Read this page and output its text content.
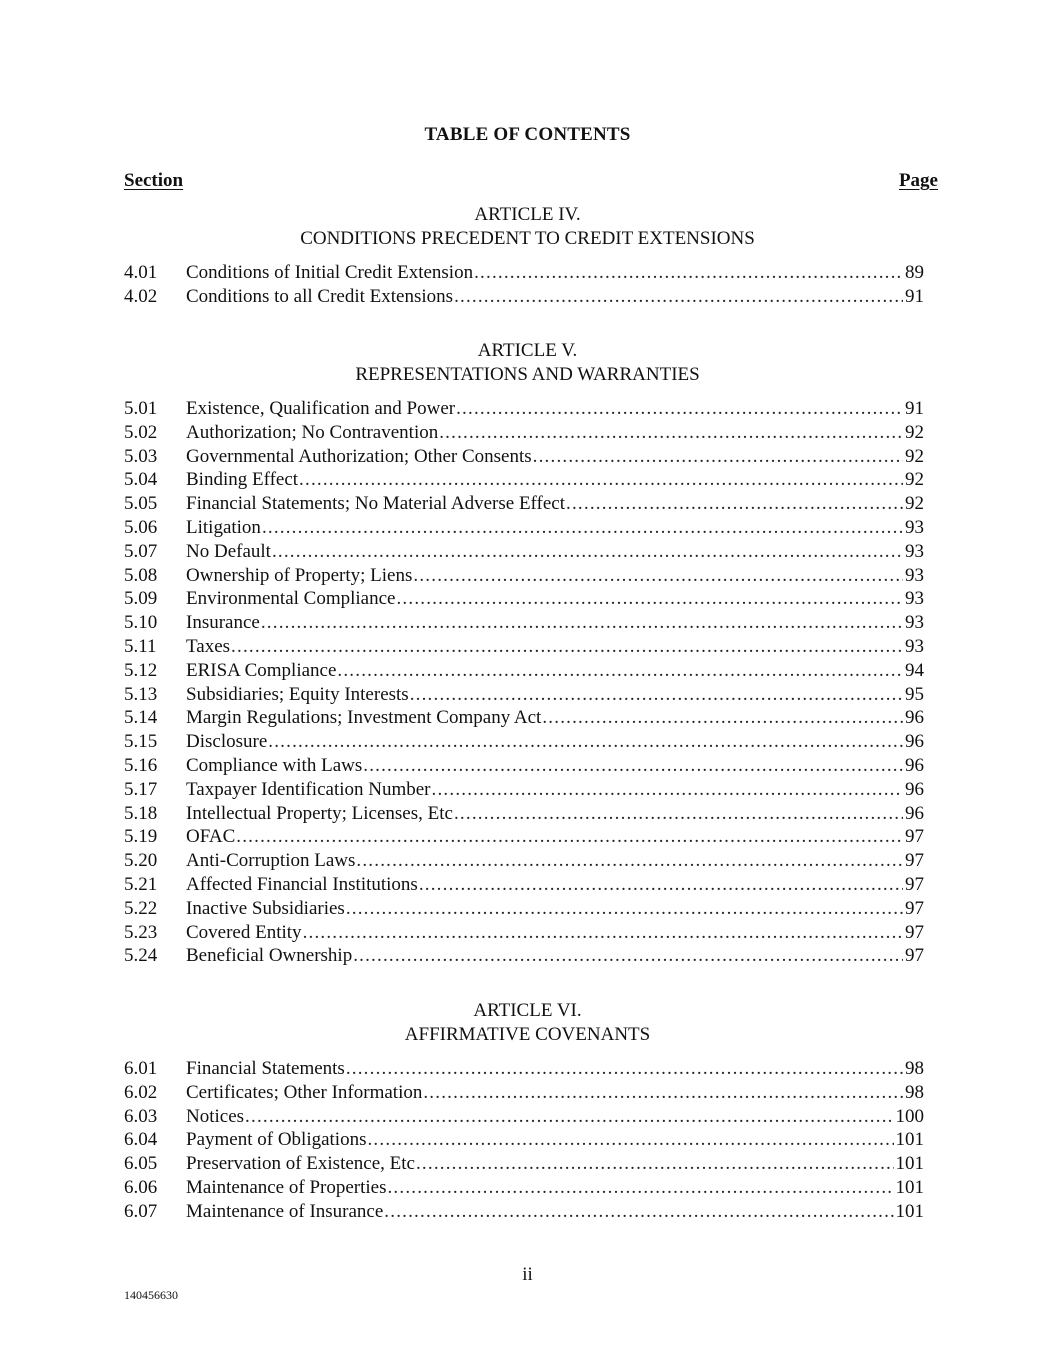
TABLE OF CONTENTS
Section	Page
ARTICLE IV.
CONDITIONS PRECEDENT TO CREDIT EXTENSIONS
4.01	Conditions of Initial Credit Extension .....	89
4.02	Conditions to all Credit Extensions .....	91
ARTICLE V.
REPRESENTATIONS AND WARRANTIES
5.01	Existence, Qualification and Power .....	91
5.02	Authorization; No Contravention .....	92
5.03	Governmental Authorization; Other Consents .....	92
5.04	Binding Effect .....	92
5.05	Financial Statements; No Material Adverse Effect .....	92
5.06	Litigation .....	93
5.07	No Default .....	93
5.08	Ownership of Property; Liens .....	93
5.09	Environmental Compliance .....	93
5.10	Insurance .....	93
5.11	Taxes .....	93
5.12	ERISA Compliance .....	94
5.13	Subsidiaries; Equity Interests .....	95
5.14	Margin Regulations; Investment Company Act .....	96
5.15	Disclosure .....	96
5.16	Compliance with Laws .....	96
5.17	Taxpayer Identification Number .....	96
5.18	Intellectual Property; Licenses, Etc .....	96
5.19	OFAC .....	97
5.20	Anti-Corruption Laws .....	97
5.21	Affected Financial Institutions .....	97
5.22	Inactive Subsidiaries .....	97
5.23	Covered Entity .....	97
5.24	Beneficial Ownership .....	97
ARTICLE VI.
AFFIRMATIVE COVENANTS
6.01	Financial Statements .....	98
6.02	Certificates; Other Information .....	98
6.03	Notices .....	100
6.04	Payment of Obligations .....	101
6.05	Preservation of Existence, Etc .....	101
6.06	Maintenance of Properties .....	101
6.07	Maintenance of Insurance .....	101
ii
140456630
